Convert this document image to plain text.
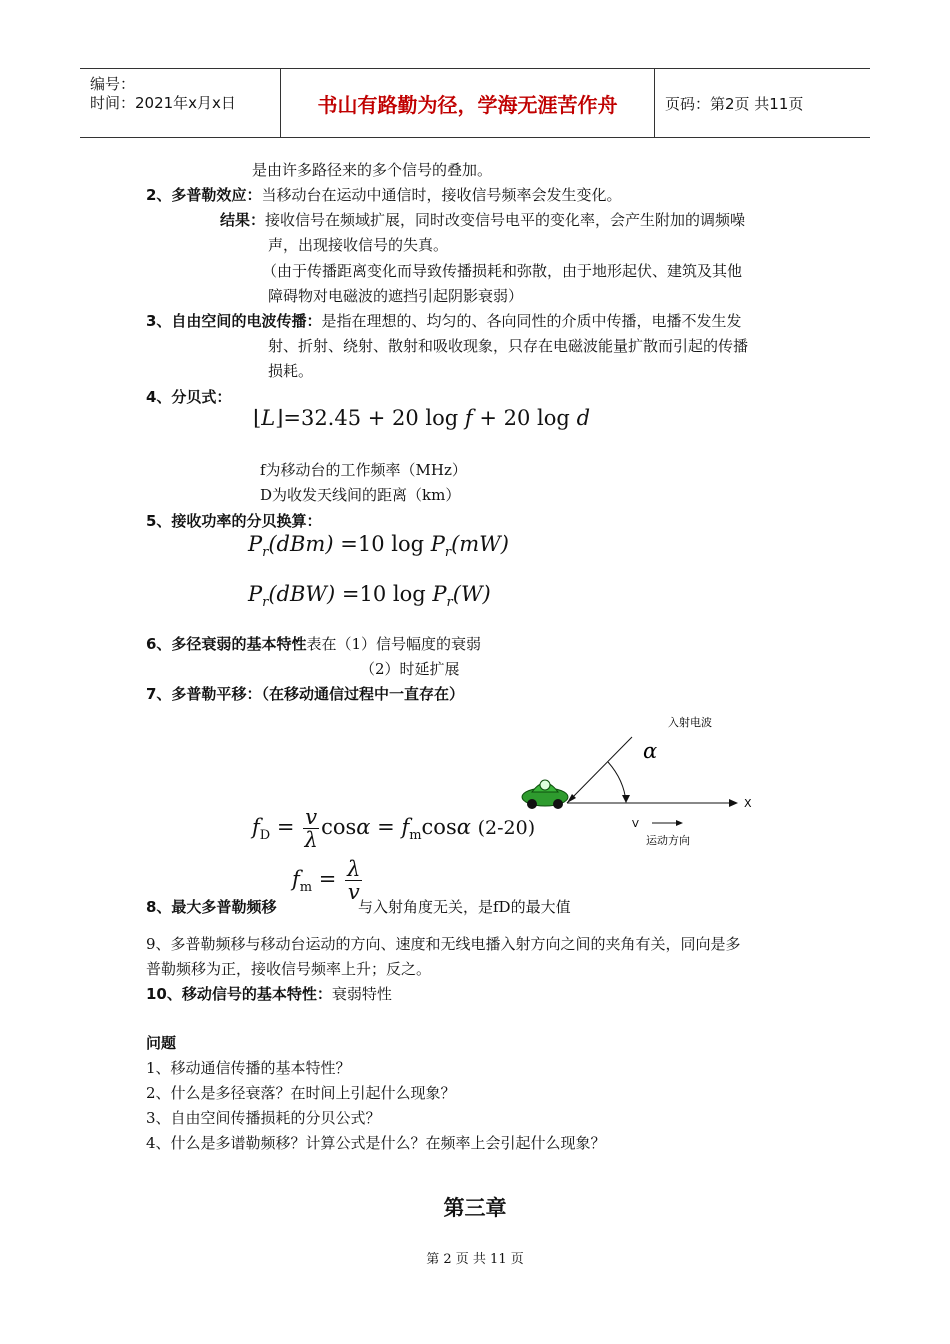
编号：
时间：2021年x月x日	书山有路勤为径，学海无涯苦作舟	页码：第2页 共11页
是由许多路径来的多个信号的叠加。
2、多普勒效应：当移动台在运动中通信时，接收信号频率会发生变化。
结果：接收信号在频域扩展，同时改变信号电平的变化率，会产生附加的调频噪
声，出现接收信号的失真。
（由于传播距离变化而导致传播损耗和弥散，由于地形起伏、建筑及其他
障碍物对电磁波的遮挡引起阴影衰弱）
3、自由空间的电波传播：是指在理想的、均匀的、各向同性的介质中传播，电播不发生发
射、折射、绕射、散射和吸收现象，只存在电磁波能量扩散而引起的传播
损耗。
4、分贝式：
⌊L⌋=32.45 + 20 log f + 20 log d
f为移动台的工作频率（MHz）
D为收发天线间的距离（km）
5、接收功率的分贝换算：
$P_r(dBm) =10$ $\log P_r(mW)$
$P_r(dBW) =10$ $\log P_r(W)$
6、多径衰弱的基本特性表在（1）信号幅度的衰弱
（2）时延扩展
7、多普勒平移：（在移动通信过程中一直存在）
入射电波
α
X
V
运动方向
$f_D = \frac{v}{\lambda}$ $\cos\alpha = f_m\cos\alpha$ (2-20)
$f_m = \frac{\lambda}{v}$
8、最大多普勒频移	与入射角度无关，是fD的最大值
9、多普勒频移与移动台运动的方向、速度和无线电播入射方向之间的夹角有关，同向是多
普勒频移为正，接收信号频率上升；反之。
10、移动信号的基本特性：衰弱特性
问题
1、移动通信传播的基本特性？
2、什么是多径衰落？在时间上引起什么现象？
3、自由空间传播损耗的分贝公式？
4、什么是多谱勒频移？计算公式是什么？在频率上会引起什么现象？
第三章
第 2 页 共 11 页
